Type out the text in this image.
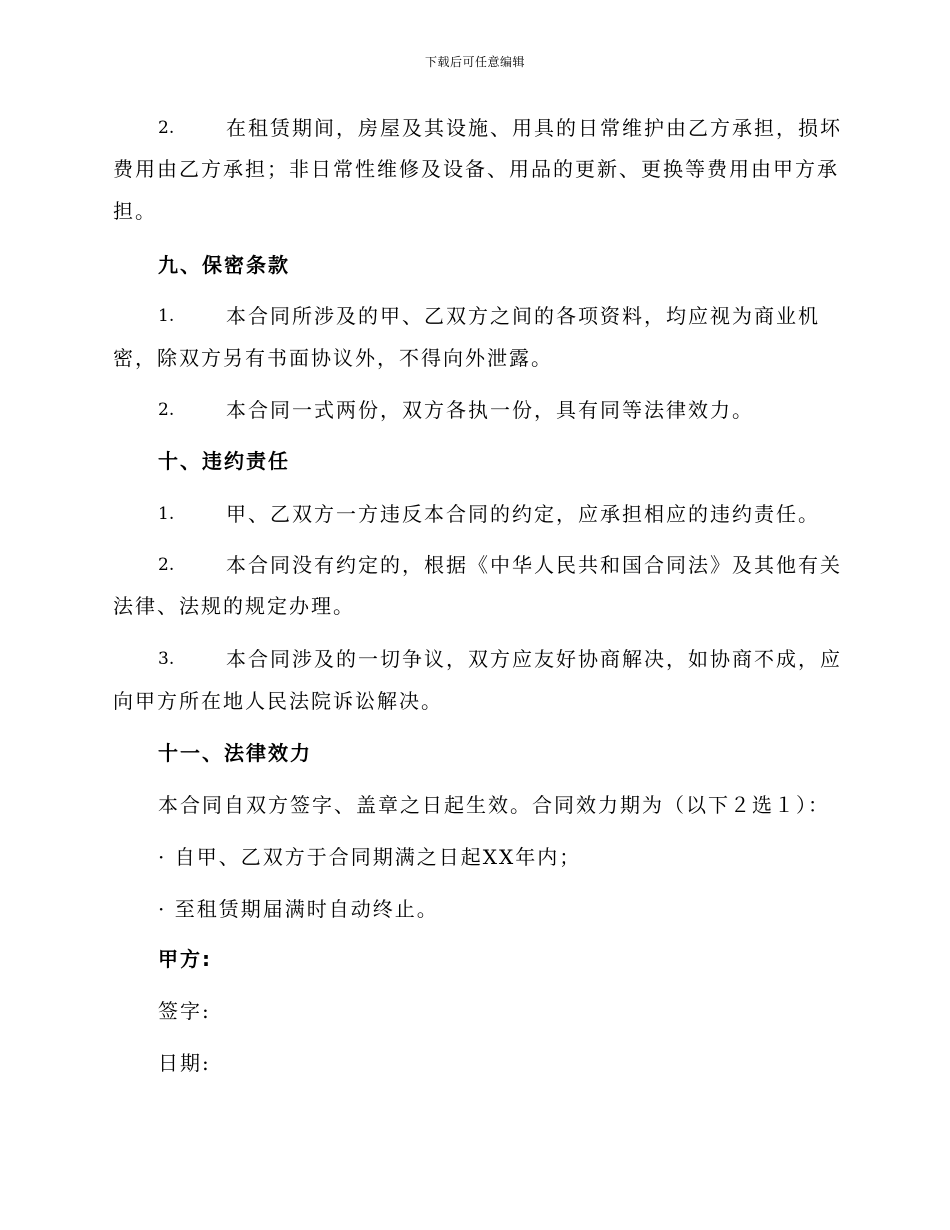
下载后可任意编辑
2.	在租赁期间，房屋及其设施、用具的日常维护由乙方承担，损坏
费用由乙方承担；非日常性维修及设备、用品的更新、更换等费用由甲方承
担。
九、保密条款
1.	本合同所涉及的甲、乙双方之间的各项资料，均应视为商业机
密，除双方另有书面协议外，不得向外泄露。
2.	本合同一式两份，双方各执一份，具有同等法律效力。
十、违约责任
1.	甲、乙双方一方违反本合同的约定，应承担相应的违约责任。
2.	本合同没有约定的，根据《中华人民共和国合同法》及其他有关
法律、法规的规定办理。
3.	本合同涉及的一切争议，双方应友好协商解决，如协商不成，应
向甲方所在地人民法院诉讼解决。
十一、法律效力
本合同自双方签字、盖章之日起生效。合同效力期为（以下２选１）：
· 自甲、乙双方于合同期满之日起XX年内；
· 至租赁期届满时自动终止。
甲方:
签字:
日期:
